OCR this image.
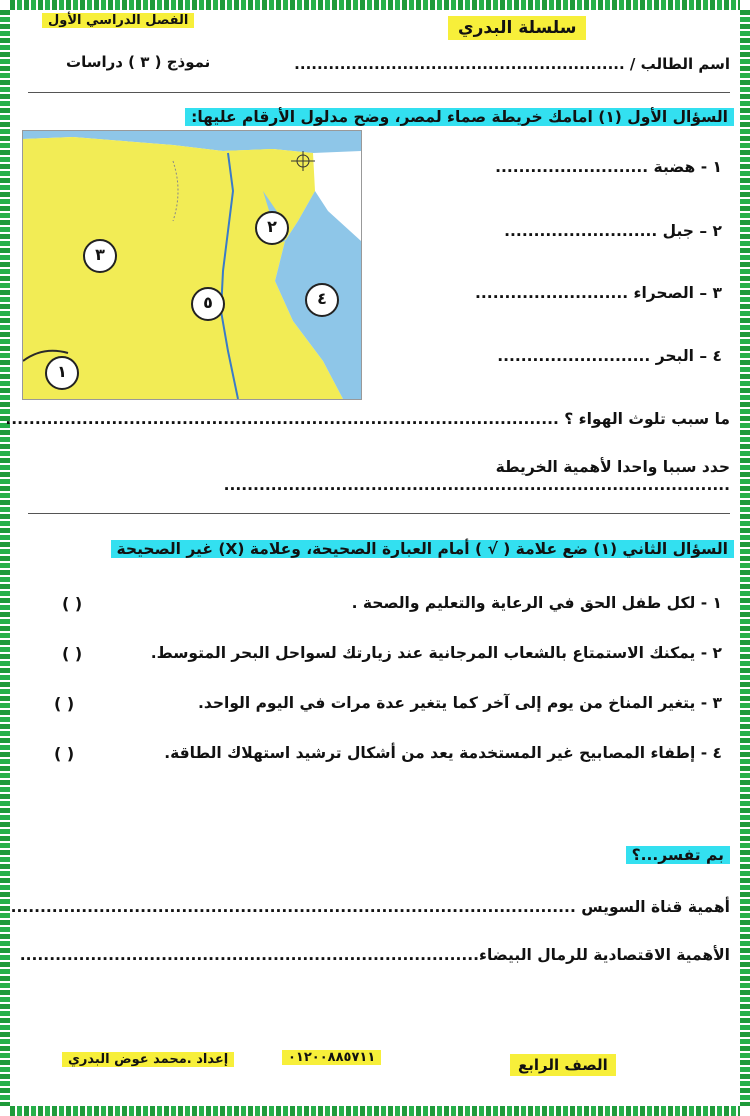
الفصل الدراسي الأول	سلسلة البدري
اسم الطالب / ..........................................................
نموذج ( ٣ ) دراسات
السؤال الأول (١) امامك خريطة صماء لمصر، وضح مدلول الأرقام عليها:
١
٢
٣
٤
٥
١ - هضبة ..........................
٢ – جبل ..........................
٣ – الصحراء ..........................
٤ – البحر ..........................
ما سبب تلوث الهواء ؟ ..............................................................................................
حدد سببا واحدا لأهمية الخريطة ......................................................................................
السؤال الثاني (١) ضع علامة ( √ ) أمام العبارة الصحيحة، وعلامة (X) غير الصحيحة
١ - لكل طفل الحق في الرعاية والتعليم والصحة .
( )
٢ - يمكنك الاستمتاع بالشعاب المرجانية عند زيارتك لسواحل البحر المتوسط.
( )
٣ - يتغير المناخ من يوم إلى آخر كما يتغير عدة مرات في اليوم الواحد.
( )
٤ - إطفاء المصابيح غير المستخدمة يعد من أشكال ترشيد استهلاك الطاقة.
( )
بم تفسر...؟
أهمية قناة السويس ................................................................................................
الأهمية الاقتصادية للرمال البيضاء..............................................................................
الصف الرابع
٠١٢٠٠٨٨٥٧١١
إعداد .محمد عوض البدري
